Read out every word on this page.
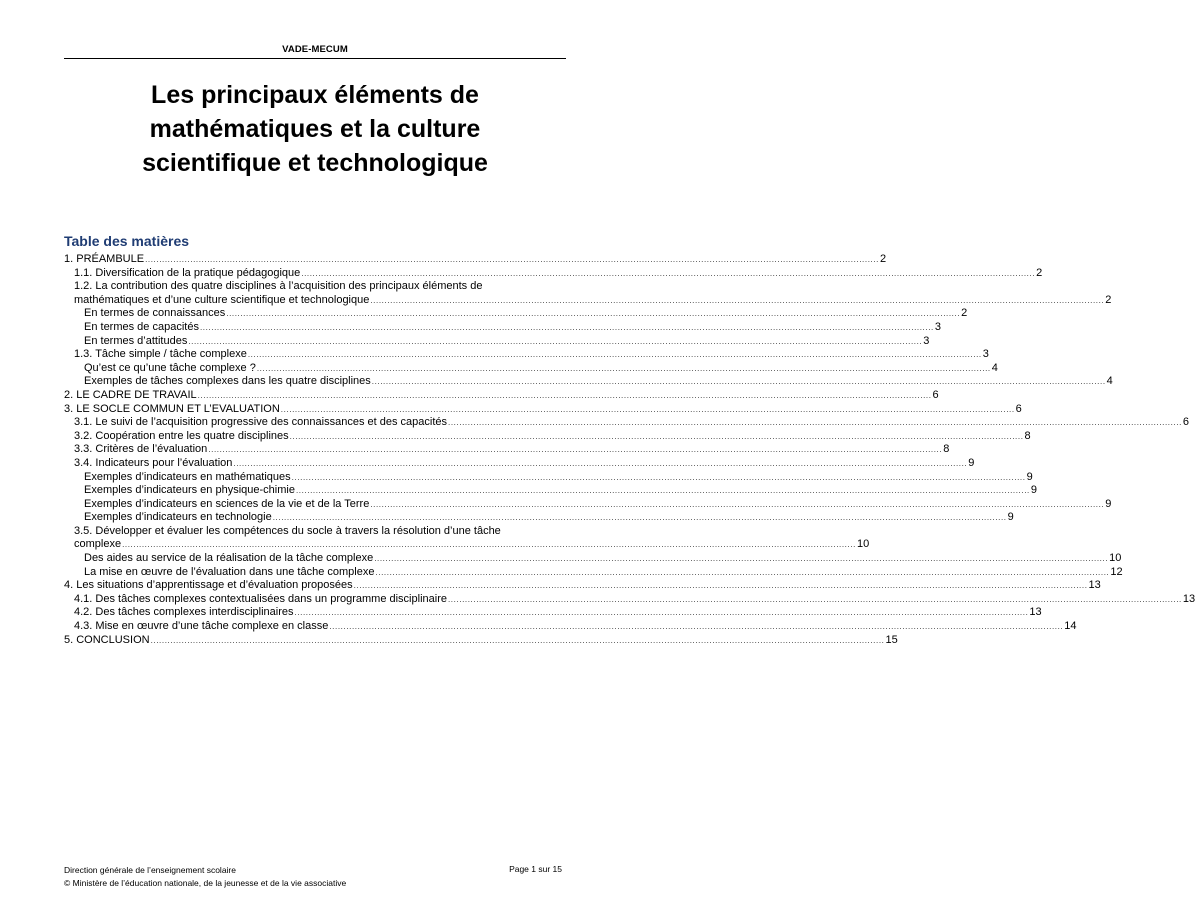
VADE-MECUM
Les principaux éléments de
mathématiques et la culture
scientifique et technologique
Table des matières
1. PRÉAMBULE .................................................................................................................................................................................................................................................................... 2
1.1. Diversification de la pratique pédagogique .................................................................................................................................................................................................................................................................... 2
1.2. La contribution des quatre disciplines à l’acquisition des principaux éléments de
mathématiques et d’une culture scientifique et technologique .................................................................................................................................................................................................................................................................... 2
En termes de connaissances .................................................................................................................................................................................................................................................................... 2
En termes de capacités .................................................................................................................................................................................................................................................................... 3
En termes d’attitudes .................................................................................................................................................................................................................................................................... 3
1.3. Tâche simple / tâche complexe .................................................................................................................................................................................................................................................................... 3
Qu’est ce qu’une tâche complexe ? .................................................................................................................................................................................................................................................................... 4
Exemples de tâches complexes dans les quatre disciplines .................................................................................................................................................................................................................................................................... 4
2. LE CADRE DE TRAVAIL .................................................................................................................................................................................................................................................................... 6
3. LE SOCLE COMMUN ET L’EVALUATION .................................................................................................................................................................................................................................................................... 6
3.1. Le suivi de l’acquisition progressive des connaissances et des capacités .................................................................................................................................................................................................................................................................... 6
3.2. Coopération entre les quatre disciplines .................................................................................................................................................................................................................................................................... 8
3.3. Critères de l’évaluation .................................................................................................................................................................................................................................................................... 8
3.4. Indicateurs pour l’évaluation .................................................................................................................................................................................................................................................................... 9
Exemples d’indicateurs en mathématiques .................................................................................................................................................................................................................................................................... 9
Exemples d’indicateurs en physique-chimie .................................................................................................................................................................................................................................................................... 9
Exemples d’indicateurs en sciences de la vie et de la Terre .................................................................................................................................................................................................................................................................... 9
Exemples d’indicateurs en technologie .................................................................................................................................................................................................................................................................... 9
3.5. Développer et évaluer les compétences du socle à travers la résolution d’une tâche
complexe .................................................................................................................................................................................................................................................................... 10
Des aides au service de la réalisation de la tâche complexe .................................................................................................................................................................................................................................................................... 10
La mise en œuvre de l’évaluation dans une tâche complexe .................................................................................................................................................................................................................................................................... 12
4. Les situations d’apprentissage et d’évaluation proposées .................................................................................................................................................................................................................................................................... 13
4.1. Des tâches complexes contextualisées dans un programme disciplinaire .................................................................................................................................................................................................................................................................... 13
4.2. Des tâches complexes interdisciplinaires .................................................................................................................................................................................................................................................................... 13
4.3. Mise en œuvre d’une tâche complexe en classe .................................................................................................................................................................................................................................................................... 14
5. CONCLUSION .................................................................................................................................................................................................................................................................... 15
Direction générale de l’enseignement scolaire
© Ministère de l’éducation nationale, de la jeunesse et de la vie associative
Page 1 sur 15
